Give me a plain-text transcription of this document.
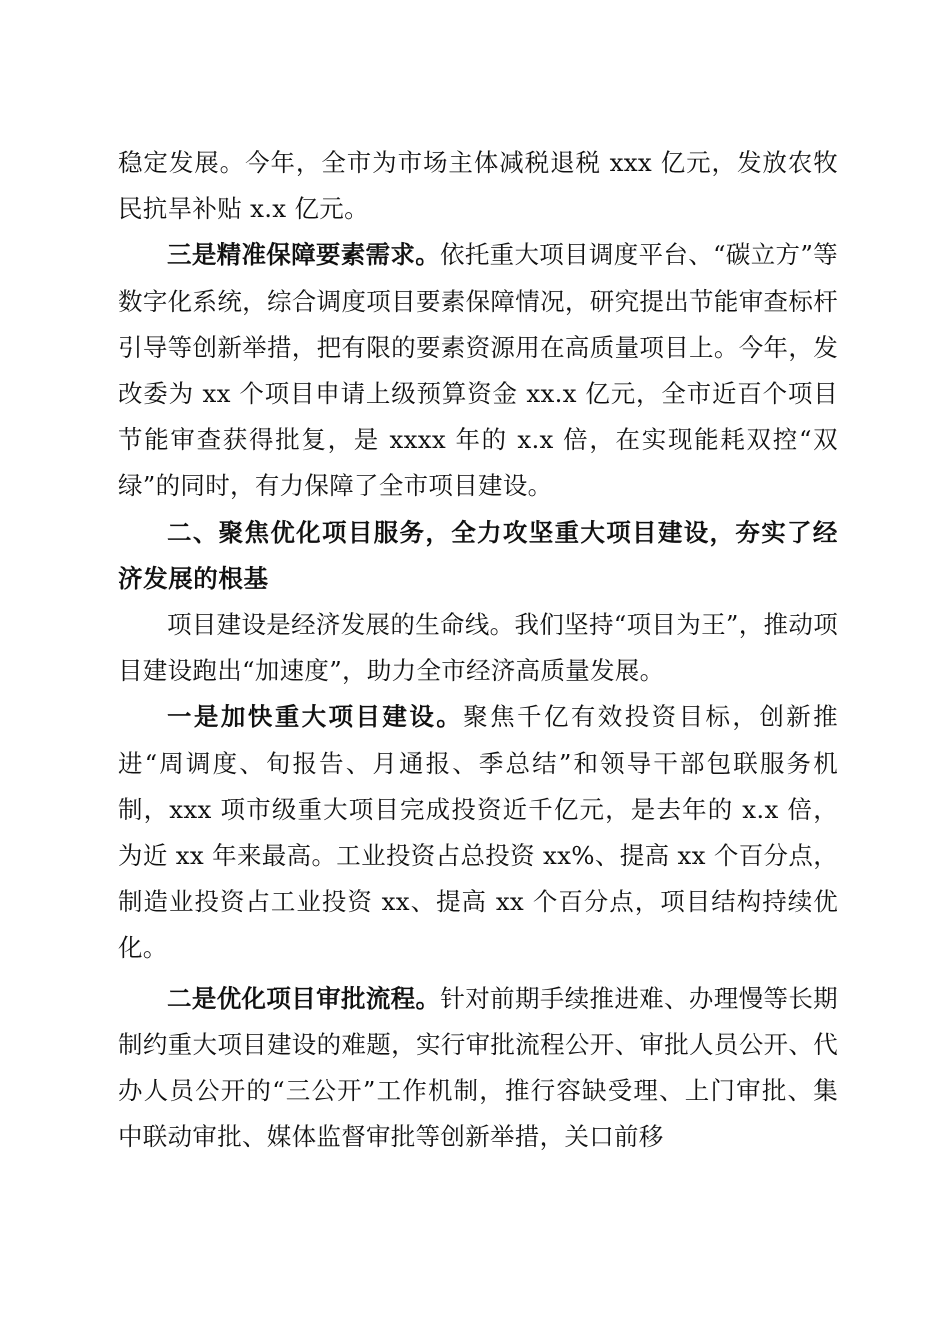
稳定发展。今年，全市为市场主体减税退税 xxx 亿元，发放农牧民抗旱补贴 x.x 亿元。

三是精准保障要素需求。依托重大项目调度平台、“碳立方”等数字化系统，综合调度项目要素保障情况，研究提出节能审查标杆引导等创新举措，把有限的要素资源用在高质量项目上。今年，发改委为 xx 个项目申请上级预算资金 xx.x 亿元，全市近百个项目节能审查获得批复，是 xxxx 年的 x.x 倍，在实现能耗双控“双绿”的同时，有力保障了全市项目建设。

二、聚焦优化项目服务，全力攻坚重大项目建设，夯实了经济发展的根基

项目建设是经济发展的生命线。我们坚持“项目为王”，推动项目建设跑出“加速度”，助力全市经济高质量发展。

一是加快重大项目建设。聚焦千亿有效投资目标，创新推进“周调度、旬报告、月通报、季总结”和领导干部包联服务机制，xxx 项市级重大项目完成投资近千亿元，是去年的 x.x 倍，为近 xx 年来最高。工业投资占总投资 xx%、提高 xx 个百分点，制造业投资占工业投资 xx、提高 xx 个百分点，项目结构持续优化。

二是优化项目审批流程。针对前期手续推进难、办理慢等长期制约重大项目建设的难题，实行审批流程公开、审批人员公开、代办人员公开的“三公开”工作机制，推行容缺受理、上门审批、集中联动审批、媒体监督审批等创新举措，关口前移
